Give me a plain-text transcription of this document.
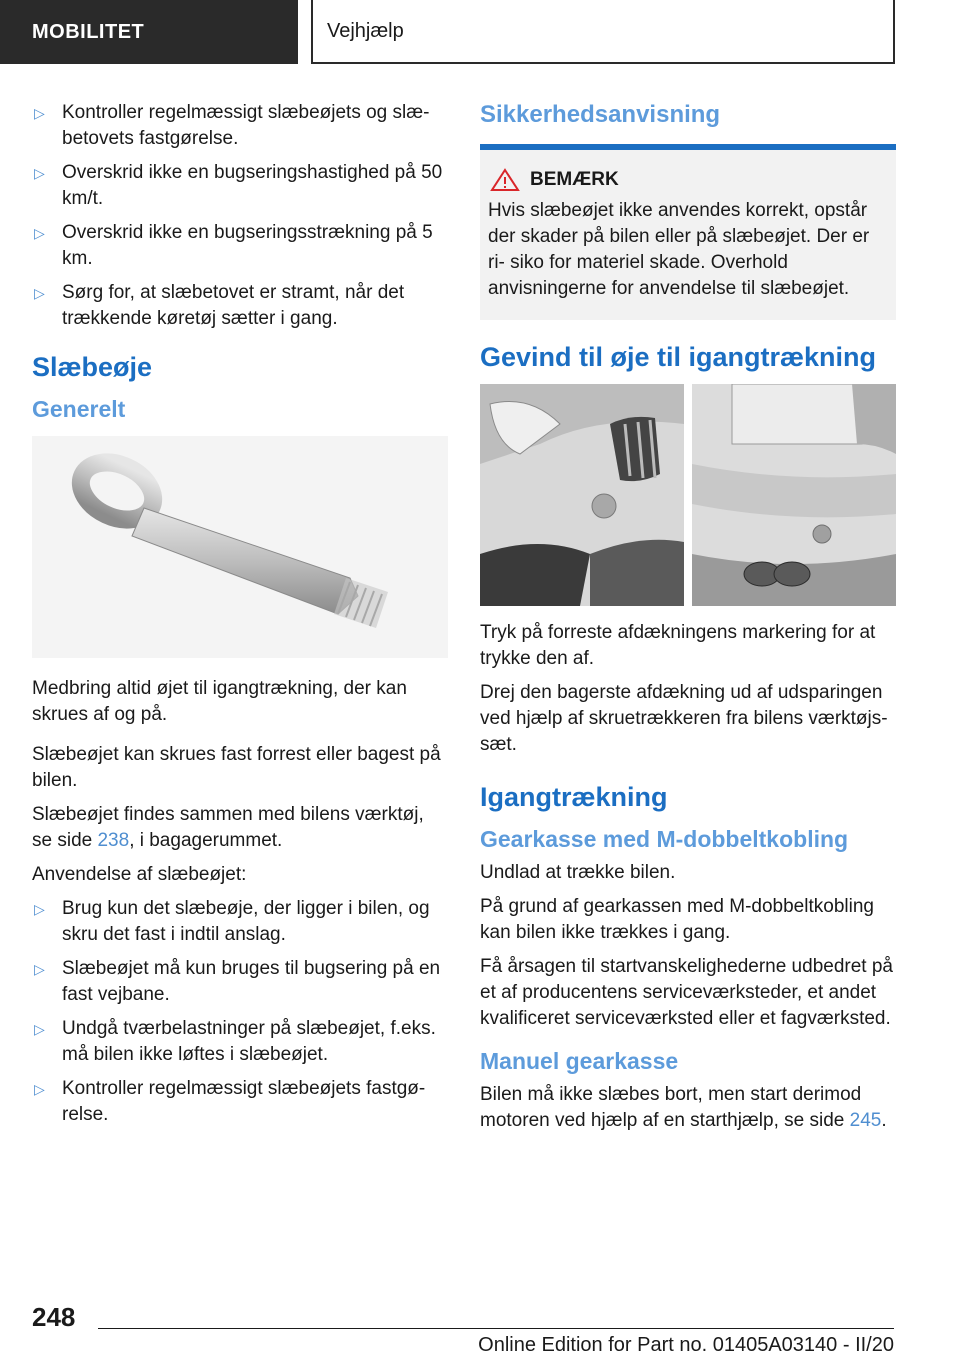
MOBILITET	Vejhjælp
▷ Kontroller regelmæssigt slæbeøjets og slæ‐ betovets fastgørelse.
▷ Overskrid ikke en bugseringshastighed på 50 km/t.
▷ Overskrid ikke en bugseringsstrækning på 5 km.
▷ Sørg for, at slæbetovet er stramt, når det trækkende køretøj sætter i gang.
Slæbeøje
Generelt

Medbring altid øjet til igangtrækning, der kan skrues af og på.

Slæbeøjet kan skrues fast forrest eller bagest på bilen.

Slæbeøjet findes sammen med bilens værktøj, se side 238, i bagagerummet.

Anvendelse af slæbeøjet:

▷ Brug kun det slæbeøje, der ligger i bilen, og skru det fast i indtil anslag.
▷ Slæbeøjet må kun bruges til bugsering på en fast vejbane.
▷ Undgå tværbelastninger på slæbeøjet, f.eks. må bilen ikke løftes i slæbeøjet.
▷ Kontroller regelmæssigt slæbeøjets fastgø‐ relse.
Sikkerhedsanvisning
BEMÆRK

Hvis slæbeøjet ikke anvendes korrekt, opstår der skader på bilen eller på slæbeøjet. Der er ri‐ siko for materiel skade. Overhold anvisningerne for anvendelse til slæbeøjet.

Gevind til øje til igangtrækning

Tryk på forreste afdækningens markering for at trykke den af.

Drej den bagerste afdækning ud af udsparingen ved hjælp af skruetrækkeren fra bilens værktøjs‐ sæt.

Igangtrækning
Gearkasse med M-dobbeltkobling

Undlad at trække bilen.

På grund af gearkassen med M-dobbeltkobling kan bilen ikke trækkes i gang.

Få årsagen til startvanskelighederne udbedret på et af producentens serviceværksteder, et andet kvalificeret serviceværksted eller et fagværksted.

Manuel gearkasse

Bilen må ikke slæbes bort, men start derimod motoren ved hjælp af en starthjælp, se side 245.

248
Online Edition for Part no. 01405A03140 - II/20
